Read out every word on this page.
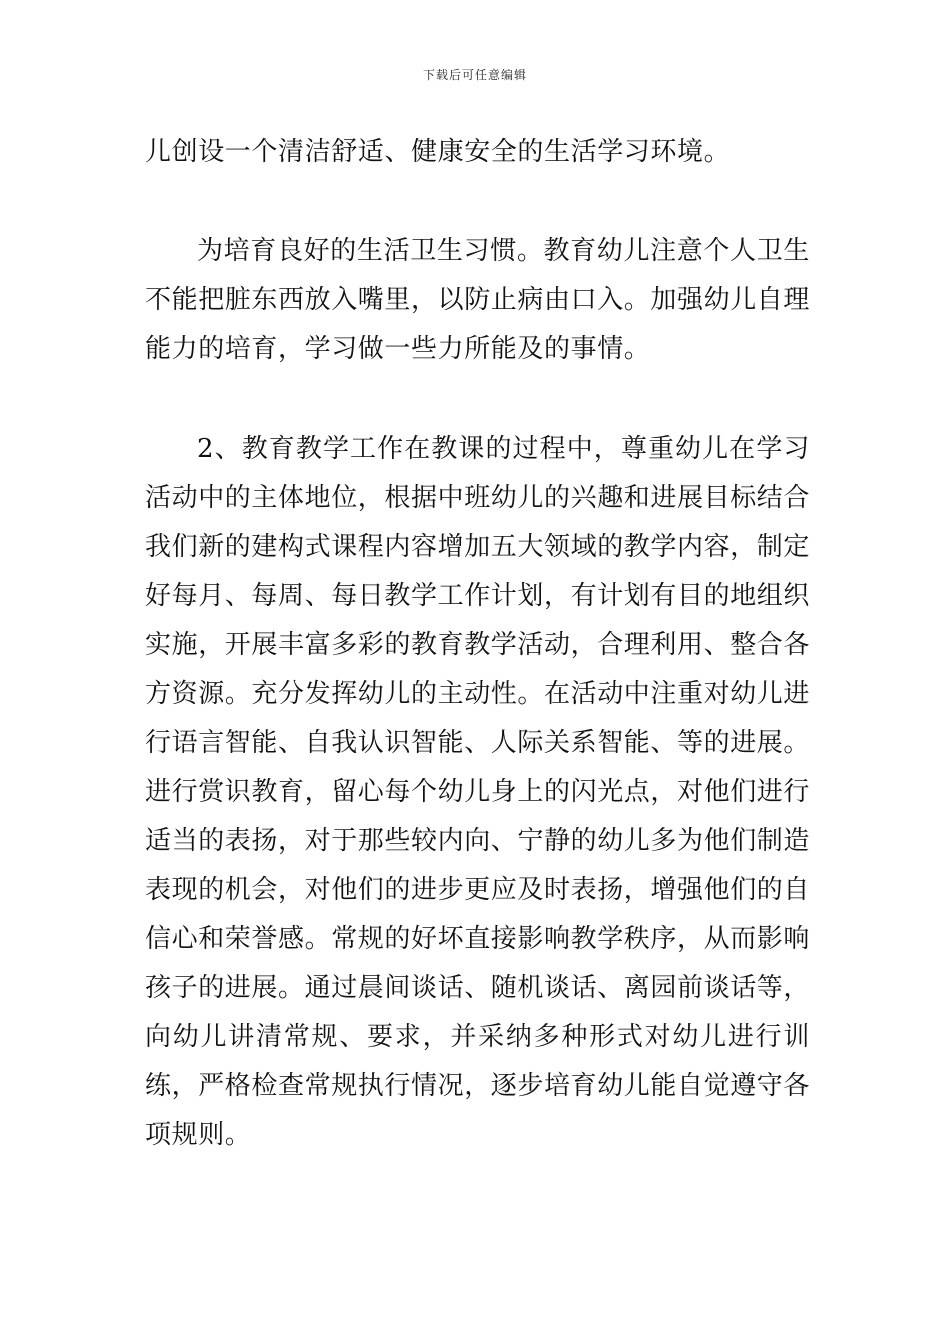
下载后可任意编辑

儿创设一个清洁舒适、健康安全的生活学习环境。

为培育良好的生活卫生习惯。教育幼儿注意个人卫生不能把脏东西放入嘴里，以防止病由口入。加强幼儿自理能力的培育，学习做一些力所能及的事情。

2、教育教学工作在教课的过程中，尊重幼儿在学习活动中的主体地位，根据中班幼儿的兴趣和进展目标结合我们新的建构式课程内容增加五大领域的教学内容，制定好每月、每周、每日教学工作计划，有计划有目的地组织实施，开展丰富多彩的教育教学活动，合理利用、整合各方资源。充分发挥幼儿的主动性。在活动中注重对幼儿进行语言智能、自我认识智能、人际关系智能、等的进展。进行赏识教育，留心每个幼儿身上的闪光点，对他们进行适当的表扬，对于那些较内向、宁静的幼儿多为他们制造表现的机会，对他们的进步更应及时表扬，增强他们的自信心和荣誉感。常规的好坏直接影响教学秩序，从而影响孩子的进展。通过晨间谈话、随机谈话、离园前谈话等，向幼儿讲清常规、要求，并采纳多种形式对幼儿进行训练，严格检查常规执行情况，逐步培育幼儿能自觉遵守各项规则。
